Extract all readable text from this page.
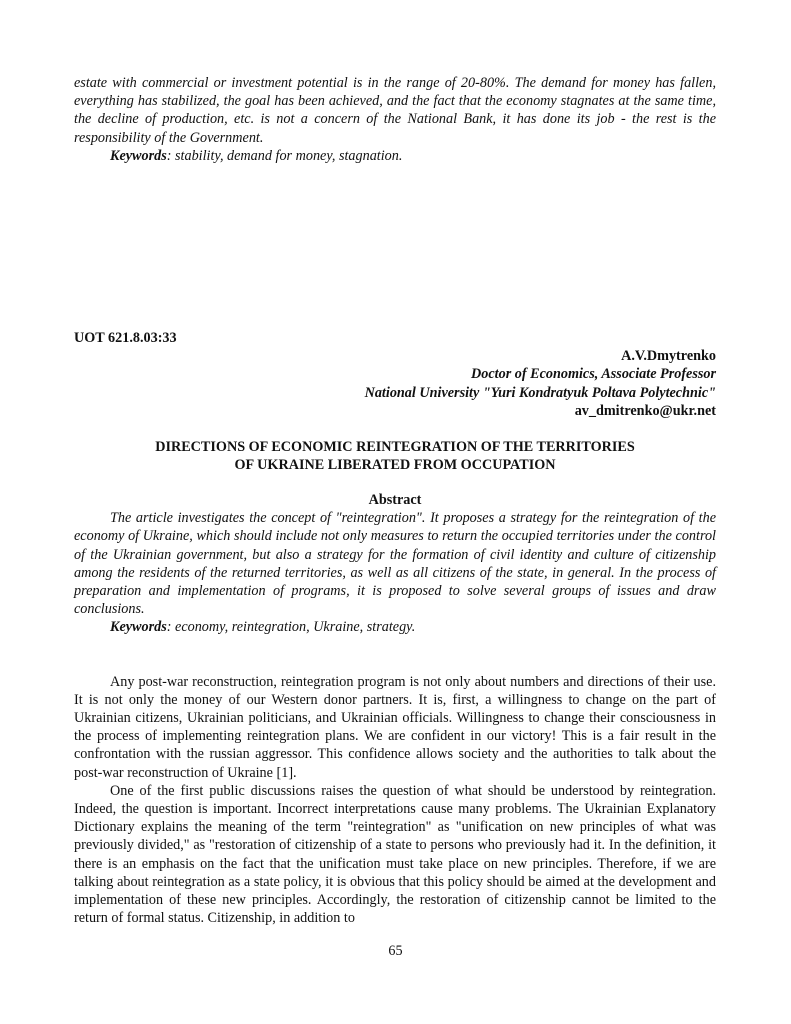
estate with commercial or investment potential is in the range of 20-80%. The demand for money has fallen, everything has stabilized, the goal has been achieved, and the fact that the economy stagnates at the same time, the decline of production, etc. is not a concern of the National Bank, it has done its job - the rest is the responsibility of the Government.

Keywords: stability, demand for money, stagnation.

UOT 621.8.03:33

A.V.Dmytrenko
Doctor of Economics, Associate Professor
National University "Yuri Kondratyuk Poltava Polytechnic"
av_dmitrenko@ukr.net
DIRECTIONS OF ECONOMIC REINTEGRATION OF THE TERRITORIES
OF UKRAINE LIBERATED FROM OCCUPATION

Abstract

The article investigates the concept of "reintegration". It proposes a strategy for the reintegration of the economy of Ukraine, which should include not only measures to return the occupied territories under the control of the Ukrainian government, but also a strategy for the formation of civil identity and culture of citizenship among the residents of the returned territories, as well as all citizens of the state, in general. In the process of preparation and implementation of programs, it is proposed to solve several groups of issues and draw conclusions.

Keywords: economy, reintegration, Ukraine, strategy.

Any post-war reconstruction, reintegration program is not only about numbers and directions of their use. It is not only the money of our Western donor partners. It is, first, a willingness to change on the part of Ukrainian citizens, Ukrainian politicians, and Ukrainian officials. Willingness to change their consciousness in the process of implementing reintegration plans. We are confident in our victory! This is a fair result in the confrontation with the russian aggressor. This confidence allows society and the authorities to talk about the post-war reconstruction of Ukraine [1].

One of the first public discussions raises the question of what should be understood by reintegration. Indeed, the question is important. Incorrect interpretations cause many problems. The Ukrainian Explanatory Dictionary explains the meaning of the term "reintegration" as "unification on new principles of what was previously divided," as "restoration of citizenship of a state to persons who previously had it. In the definition, it there is an emphasis on the fact that the unification must take place on new principles. Therefore, if we are talking about reintegration as a state policy, it is obvious that this policy should be aimed at the development and implementation of these new principles. Accordingly, the restoration of citizenship cannot be limited to the return of formal status. Citizenship, in addition to

65
